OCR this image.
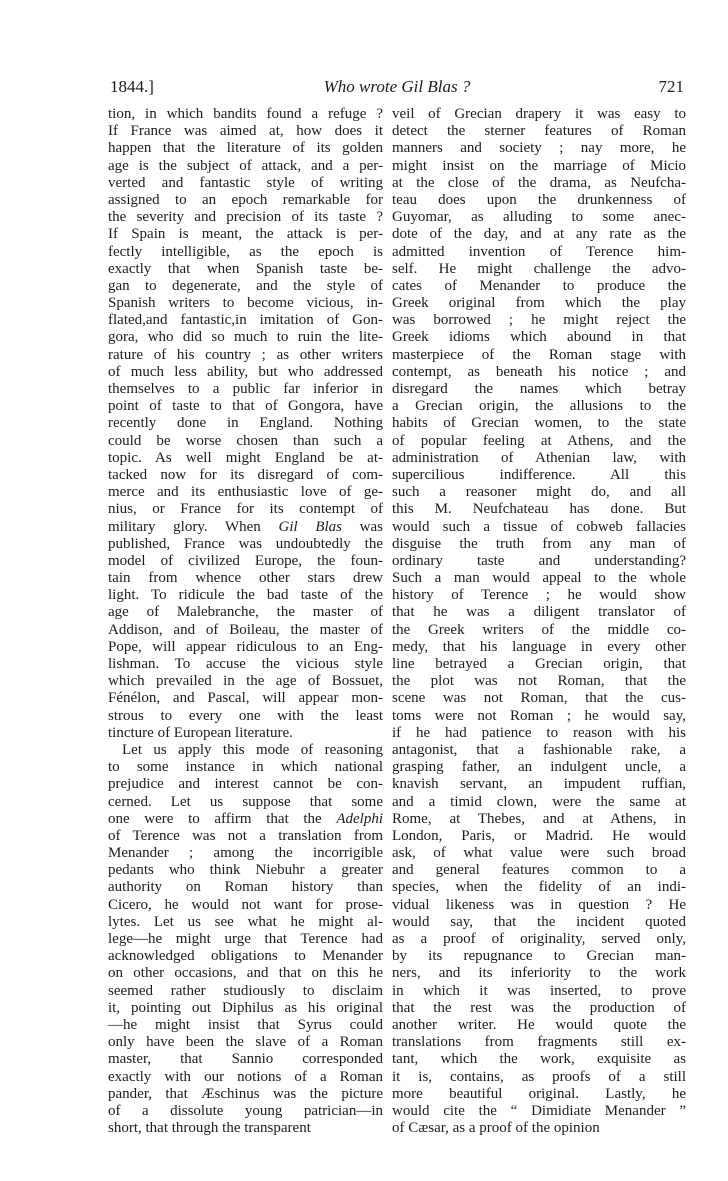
1844.]	Who wrote Gil Blas ?	721
tion, in which bandits found a refuge ?
If France was aimed at, how does it
happen that the literature of its golden
age is the subject of attack, and a per-
verted and fantastic style of writing
assigned to an epoch remarkable for
the severity and precision of its taste ?
If Spain is meant, the attack is per-
fectly intelligible, as the epoch is
exactly that when Spanish taste be-
gan to degenerate, and the style of
Spanish writers to become vicious, in-
flated,and fantastic,in imitation of Gon-
gora, who did so much to ruin the lite-
rature of his country ; as other writers
of much less ability, but who addressed
themselves to a public far inferior in
point of taste to that of Gongora, have
recently done in England. Nothing
could be worse chosen than such a
topic. As well might England be at-
tacked now for its disregard of com-
merce and its enthusiastic love of ge-
nius, or France for its contempt of
military glory. When Gil Blas was
published, France was undoubtedly the
model of civilized Europe, the foun-
tain from whence other stars drew
light. To ridicule the bad taste of the
age of Malebranche, the master of
Addison, and of Boileau, the master of
Pope, will appear ridiculous to an Eng-
lishman. To accuse the vicious style
which prevailed in the age of Bossuet,
Fénélon, and Pascal, will appear mon-
strous to every one with the least
tincture of European literature.
Let us apply this mode of reasoning
to some instance in which national
prejudice and interest cannot be con-
cerned. Let us suppose that some
one were to affirm that the Adelphi
of Terence was not a translation from
Menander ; among the incorrigible
pedants who think Niebuhr a greater
authority on Roman history than
Cicero, he would not want for prose-
lytes. Let us see what he might al-
lege—he might urge that Terence had
acknowledged obligations to Menander
on other occasions, and that on this he
seemed rather studiously to disclaim
it, pointing out Diphilus as his original
—he might insist that Syrus could
only have been the slave of a Roman
master, that Sannio corresponded
exactly with our notions of a Roman
pander, that Æschinus was the picture
of a dissolute young patrician—in
short, that through the transparent
veil of Grecian drapery it was easy to
detect the sterner features of Roman
manners and society ; nay more, he
might insist on the marriage of Micio
at the close of the drama, as Neufcha-
teau does upon the drunkenness of
Guyomar, as alluding to some anec-
dote of the day, and at any rate as the
admitted invention of Terence him-
self. He might challenge the advo-
cates of Menander to produce the
Greek original from which the play
was borrowed ; he might reject the
Greek idioms which abound in that
masterpiece of the Roman stage with
contempt, as beneath his notice ; and
disregard the names which betray
a Grecian origin, the allusions to the
habits of Grecian women, to the state
of popular feeling at Athens, and the
administration of Athenian law, with
supercilious indifference. All this
such a reasoner might do, and all
this M. Neufchateau has done. But
would such a tissue of cobweb fallacies
disguise the truth from any man of
ordinary taste and understanding?
Such a man would appeal to the whole
history of Terence ; he would show
that he was a diligent translator of
the Greek writers of the middle co-
medy, that his language in every other
line betrayed a Grecian origin, that
the plot was not Roman, that the
scene was not Roman, that the cus-
toms were not Roman ; he would say,
if he had patience to reason with his
antagonist, that a fashionable rake, a
grasping father, an indulgent uncle, a
knavish servant, an impudent ruffian,
and a timid clown, were the same at
Rome, at Thebes, and at Athens, in
London, Paris, or Madrid. He would
ask, of what value were such broad
and general features common to a
species, when the fidelity of an indi-
vidual likeness was in question ? He
would say, that the incident quoted
as a proof of originality, served only,
by its repugnance to Grecian man-
ners, and its inferiority to the work
in which it was inserted, to prove
that the rest was the production of
another writer. He would quote the
translations from fragments still ex-
tant, which the work, exquisite as
it is, contains, as proofs of a still
more beautiful original. Lastly, he
would cite the “ Dimidiate Menander ”
of Cæsar, as a proof of the opinion
